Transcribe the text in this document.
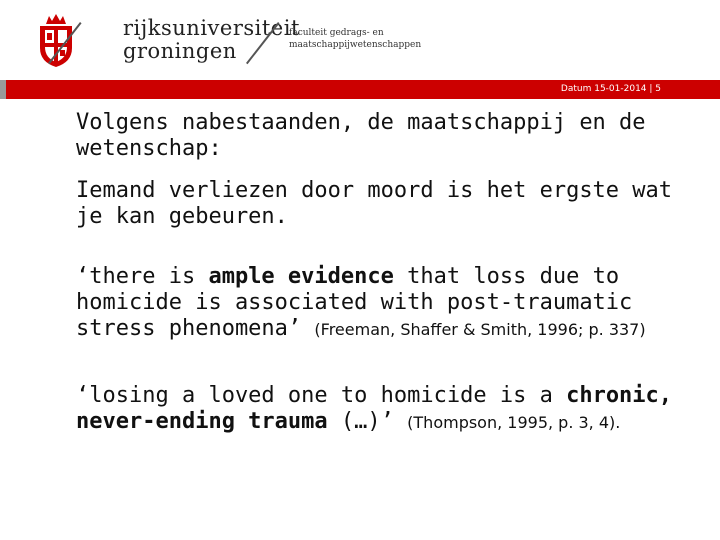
rijksuniversiteit
groningen
faculteit gedrags- en
maatschappijwetenschappen
Datum 15-01-2014 | 5

Volgens nabestaanden, de maatschappij en de wetenschap:

Iemand verliezen door moord is het ergste wat je kan gebeuren.

‘there is ample evidence that loss due to homicide is associated with post-traumatic stress phenomena’ (Freeman, Shaffer & Smith, 1996; p. 337)

‘losing a loved one to homicide is a chronic, never-ending trauma (…)’ (Thompson, 1995, p. 3, 4).
